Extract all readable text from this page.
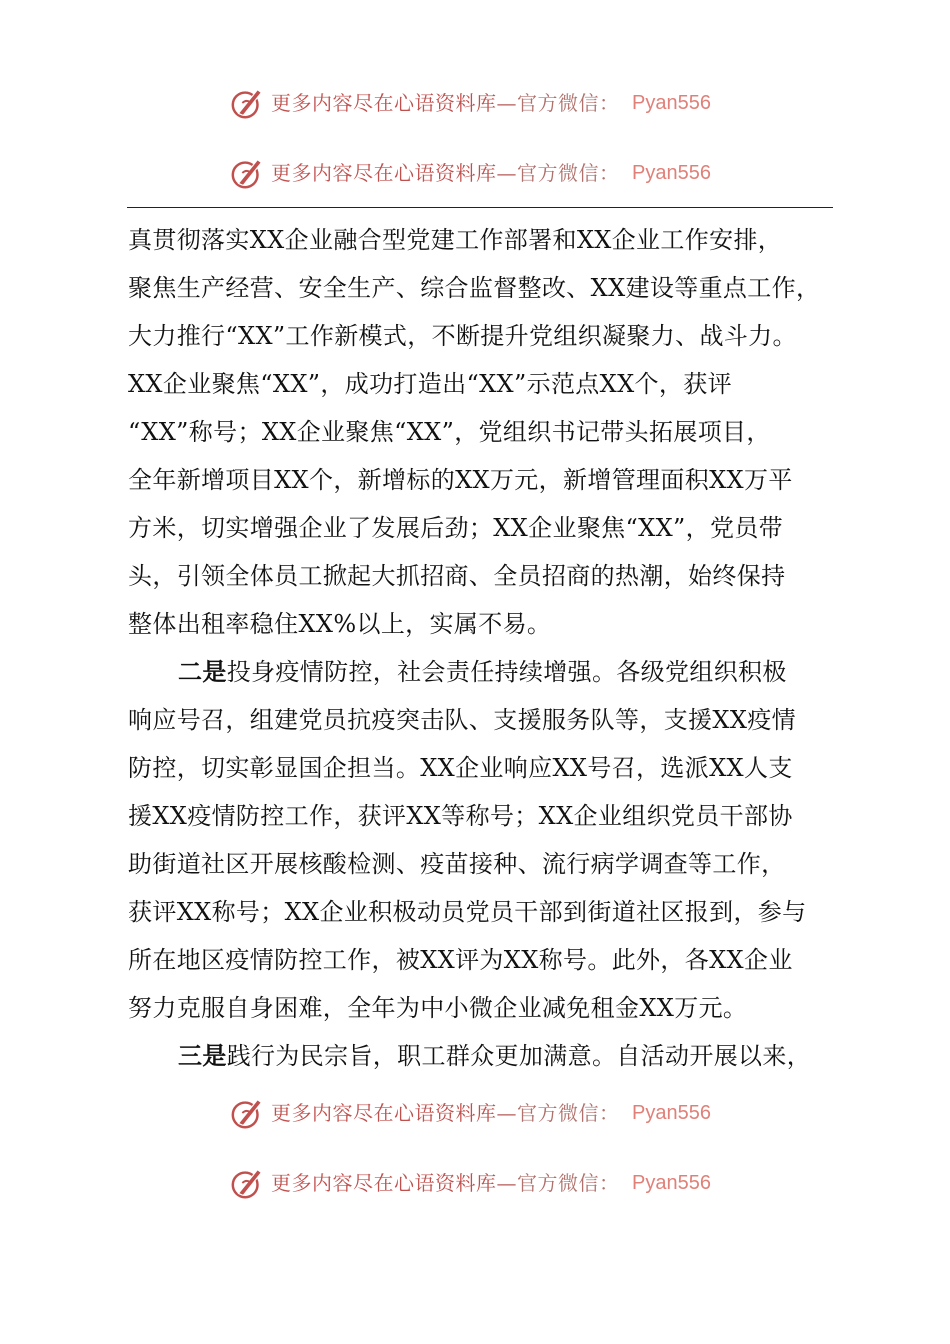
更多内容尽在心语资料库—官方微信： Pyan556
更多内容尽在心语资料库—官方微信： Pyan556
真贯彻落实XX企业融合型党建工作部署和XX企业工作安排，
聚焦生产经营、安全生产、综合监督整改、XX建设等重点工作，
大力推行“XX”工作新模式，不断提升党组织凝聚力、战斗力。
XX企业聚焦“XX”，成功打造出“XX”示范点XX个，获评
“XX”称号；XX企业聚焦“XX”，党组织书记带头拓展项目，
全年新增项目XX个，新增标的XX万元，新增管理面积XX万平
方米，切实增强企业了发展后劲；XX企业聚焦“XX”，党员带
头，引领全体员工掀起大抓招商、全员招商的热潮，始终保持
整体出租率稳住XX%以上，实属不易。
二是投身疫情防控，社会责任持续增强。各级党组织积极
响应号召，组建党员抗疫突击队、支援服务队等，支援XX疫情
防控，切实彰显国企担当。XX企业响应XX号召，选派XX人支
援XX疫情防控工作，获评XX等称号；XX企业组织党员干部协
助街道社区开展核酸检测、疫苗接种、流行病学调查等工作，
获评XX称号；XX企业积极动员党员干部到街道社区报到，参与
所在地区疫情防控工作，被XX评为XX称号。此外，各XX企业
努力克服自身困难，全年为中小微企业减免租金XX万元。
三是践行为民宗旨，职工群众更加满意。自活动开展以来，
更多内容尽在心语资料库—官方微信： Pyan556
更多内容尽在心语资料库—官方微信： Pyan556
